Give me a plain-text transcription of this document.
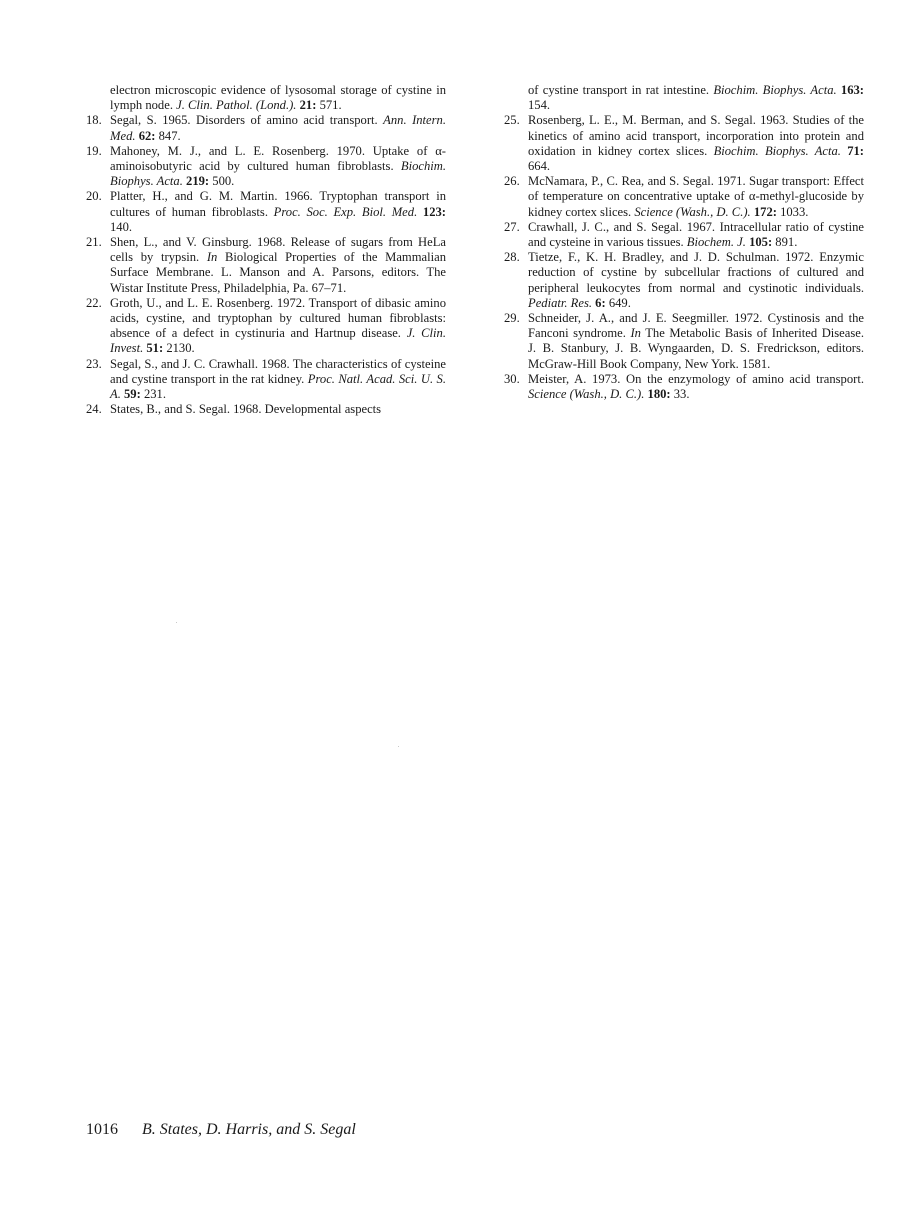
electron microscopic evidence of lysosomal storage of cystine in lymph node. J. Clin. Pathol. (Lond.). 21: 571.

18. Segal, S. 1965. Disorders of amino acid transport. Ann. Intern. Med. 62: 847.

19. Mahoney, M. J., and L. E. Rosenberg. 1970. Uptake of α-aminoisobutyric acid by cultured human fibroblasts. Biochim. Biophys. Acta. 219: 500.

20. Platter, H., and G. M. Martin. 1966. Tryptophan transport in cultures of human fibroblasts. Proc. Soc. Exp. Biol. Med. 123: 140.

21. Shen, L., and V. Ginsburg. 1968. Release of sugars from HeLa cells by trypsin. In Biological Properties of the Mammalian Surface Membrane. L. Manson and A. Parsons, editors. The Wistar Institute Press, Philadelphia, Pa. 67–71.

22. Groth, U., and L. E. Rosenberg. 1972. Transport of dibasic amino acids, cystine, and tryptophan by cultured human fibroblasts: absence of a defect in cystinuria and Hartnup disease. J. Clin. Invest. 51: 2130.

23. Segal, S., and J. C. Crawhall. 1968. The characteristics of cysteine and cystine transport in the rat kidney. Proc. Natl. Acad. Sci. U. S. A. 59: 231.

24. States, B., and S. Segal. 1968. Developmental aspects

of cystine transport in rat intestine. Biochim. Biophys. Acta. 163: 154.

25. Rosenberg, L. E., M. Berman, and S. Segal. 1963. Studies of the kinetics of amino acid transport, incorporation into protein and oxidation in kidney cortex slices. Biochim. Biophys. Acta. 71: 664.

26. McNamara, P., C. Rea, and S. Segal. 1971. Sugar transport: Effect of temperature on concentrative uptake of α-methyl-glucoside by kidney cortex slices. Science (Wash., D. C.). 172: 1033.

27. Crawhall, J. C., and S. Segal. 1967. Intracellular ratio of cystine and cysteine in various tissues. Biochem. J. 105: 891.

28. Tietze, F., K. H. Bradley, and J. D. Schulman. 1972. Enzymic reduction of cystine by subcellular fractions of cultured and peripheral leukocytes from normal and cystinotic individuals. Pediatr. Res. 6: 649.

29. Schneider, J. A., and J. E. Seegmiller. 1972. Cystinosis and the Fanconi syndrome. In The Metabolic Basis of Inherited Disease. J. B. Stanbury, J. B. Wyngaarden, D. S. Fredrickson, editors. McGraw-Hill Book Company, New York. 1581.

30. Meister, A. 1973. On the enzymology of amino acid transport. Science (Wash., D. C.). 180: 33.

1016 B. States, D. Harris, and S. Segal
